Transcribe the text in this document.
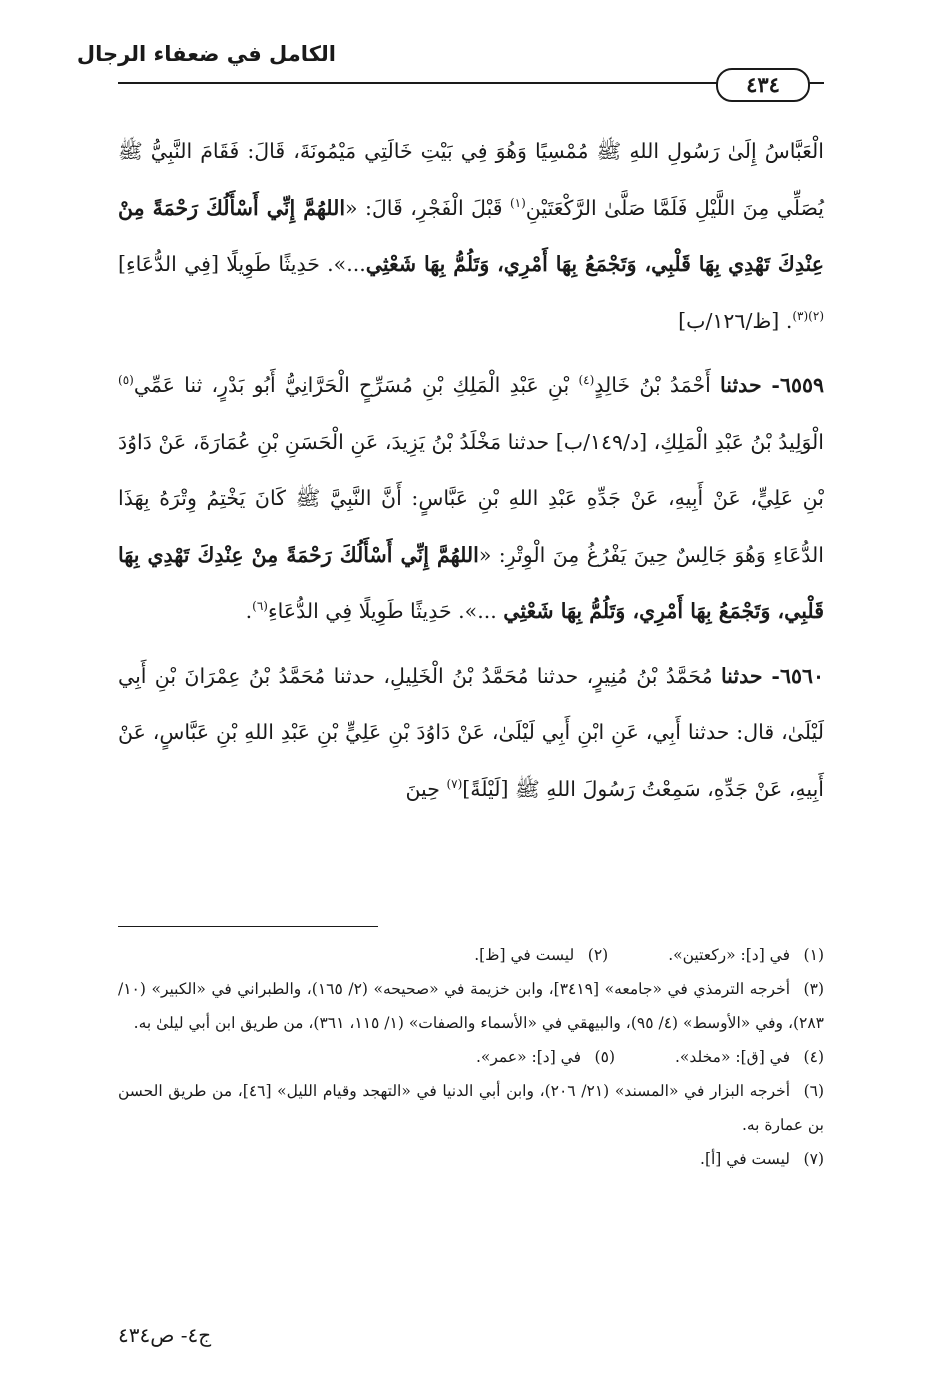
الكامل في ضعفاء الرجال
٤٣٤

الْعَبَّاسُ إِلَىٰ رَسُولِ اللهِ ﷺ مُمْسِيًا وَهُوَ فِي بَيْتِ خَالَتِي مَيْمُونَةَ، قَالَ: فَقَامَ النَّبِيُّ ﷺ يُصَلِّي مِنَ اللَّيْلِ فَلَمَّا صَلَّىٰ الرَّكْعَتَيْنِ$^{(١)}$ قَبْلَ الْفَجْرِ، قَالَ: «اللهُمَّ إِنِّي أَسْأَلُكَ رَحْمَةً مِنْ عِنْدِكَ تَهْدِي بِهَا قَلْبِي، وَتَجْمَعُ بِهَا أَمْرِي، وَتَلُمُّ بِهَا شَعْثِي...». حَدِيثًا طَوِيلًا [فِي الدُّعَاءِ]$^{(٢)(٣)}$. [ظ/١٢٦/ب]

٦٥٥٩- حدثنا أَحْمَدُ بْنُ خَالِدٍ$^{(٤)}$ بْنِ عَبْدِ الْمَلِكِ بْنِ مُسَرِّحٍ الْحَرَّانِيُّ أَبُو بَدْرٍ، ثنا عَمِّي$^{(٥)}$ الْوَلِيدُ بْنُ عَبْدِ الْمَلِكِ، [د/١٤٩/ب] حدثنا مَخْلَدُ بْنُ يَزِيدَ، عَنِ الْحَسَنِ بْنِ عُمَارَةَ، عَنْ دَاوُدَ بْنِ عَلِيٍّ، عَنْ أَبِيهِ، عَنْ جَدِّهِ عَبْدِ اللهِ بْنِ عَبَّاسٍ: أَنَّ النَّبِيَّ ﷺ كَانَ يَخْتِمُ وِتْرَهُ بِهَذَا الدُّعَاءِ وَهُوَ جَالِسٌ حِينَ يَفْرُغُ مِنَ الْوِتْرِ: «اللهُمَّ إِنِّي أَسْأَلُكَ رَحْمَةً مِنْ عِنْدِكَ تَهْدِي بِهَا قَلْبِي، وَتَجْمَعُ بِهَا أَمْرِي، وَتَلُمُّ بِهَا شَعْثِي ...». حَدِيثًا طَوِيلًا فِي الدُّعَاءِ$^{(٦)}$.

٦٥٦٠- حدثنا مُحَمَّدُ بْنُ مُنِيرٍ، حدثنا مُحَمَّدُ بْنُ الْخَلِيلِ، حدثنا مُحَمَّدُ بْنُ عِمْرَانَ بْنِ أَبِي لَيْلَىٰ، قال: حدثنا أَبِي، عَنِ ابْنِ أَبِي لَيْلَىٰ، عَنْ دَاوُدَ بْنِ عَلِيٍّ بْنِ عَبْدِ اللهِ بْنِ عَبَّاسٍ، عَنْ أَبِيهِ، عَنْ جَدِّهِ، سَمِعْتُ رَسُولَ اللهِ ﷺ [لَيْلَةً]$^{(٧)}$ حِينَ

(١)في [د]: «ركعتين».
(٢)ليست في [ظ].
(٣)أخرجه الترمذي في «جامعه» [٣٤١٩]، وابن خزيمة في «صحيحه» (٢/ ١٦٥)، والطبراني في «الكبير» (١٠/ ٢٨٣)، وفي «الأوسط» (٤/ ٩٥)، والبيهقي في «الأسماء والصفات» (١/ ١١٥، ٣٦١)، من طريق ابن أبي ليلىٰ به.
(٤)في [ق]: «مخلد».
(٥)في [د]: «عمر».
(٦)أخرجه البزار في «المسند» (٢١/ ٢٠٦)، وابن أبي الدنيا في «التهجد وقيام الليل» [٤٦]، من طريق الحسن بن عمارة به.
(٧)ليست في [أ].
ج٤- ص٤٣٤
